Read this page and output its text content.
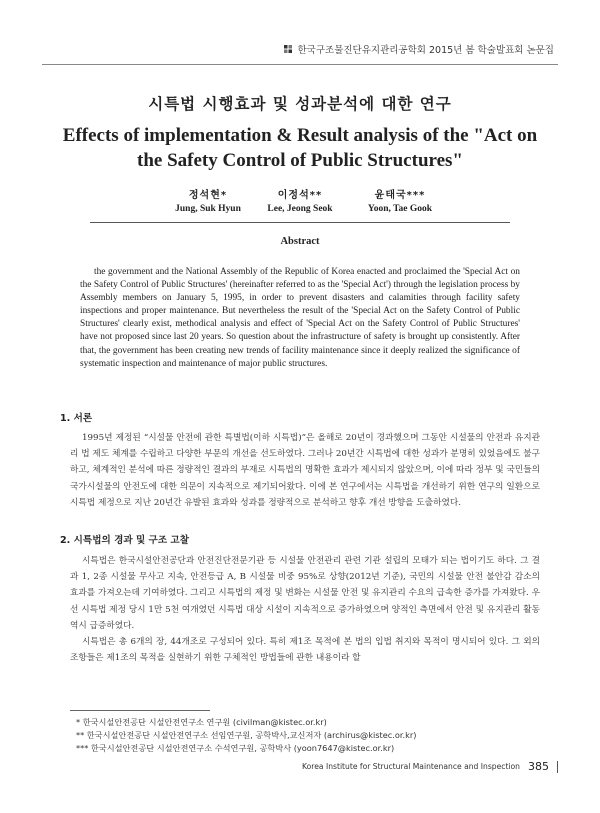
한국구조물진단유지관리공학회 2015년 봄 학술발표회 논문집
시특법 시행효과 및 성과분석에 대한 연구
Effects of implementation & Result analysis of the "Act on the Safety Control of Public Structures"
정석현*
Jung, Suk Hyun
이정석**
Lee, Jeong Seok
윤태국***
Yoon, Tae Gook
Abstract
the government and the National Assembly of the Republic of Korea enacted and proclaimed the 'Special Act on the Safety Control of Public Structures' (hereinafter referred to as the 'Special Act') through the legislation process by Assembly members on January 5, 1995, in order to prevent disasters and calamities through facility safety inspections and proper maintenance. But nevertheless the result of the 'Special Act on the Safety Control of Public Structures' clearly exist, methodical analysis and effect of 'Special Act on the Safety Control of Public Structures' have not proposed since last 20 years. So question about the infrastructure of safety is brought up consistently. After that, the government has been creating new trends of facility maintenance since it deeply realized the significance of systematic inspection and maintenance of major public structures.
1. 서론

1995년 제정된 “시설물 안전에 관한 특별법(이하 시특법)”은 올해로 20년이 경과했으며 그동안 시설물의 안전과 유지관리 법 제도 체계를 수립하고 다양한 부문의 개선을 선도하였다. 그러나 20년간 시특법에 대한 성과가 분명히 있었음에도 불구하고, 체계적인 분석에 따른 정량적인 결과의 부재로 시특법의 명확한 효과가 제시되지 않았으며, 이에 따라 정부 및 국민들의 국가시설물의 안전도에 대한 의문이 지속적으로 제기되어왔다. 이에 본 연구에서는 시특법을 개선하기 위한 연구의 일환으로 시특법 제정으로 지난 20년간 유발된 효과와 성과를 정량적으로 분석하고 향후 개선 방향을 도출하였다.

2. 시특법의 경과 및 구조 고찰

시특법은 한국시설안전공단과 안전진단전문기관 등 시설물 안전관리 관련 기관 설립의 모태가 되는 법이기도 하다. 그 결과 1, 2종 시설물 무사고 지속, 안전등급 A, B 시설물 비중 95%로 상향(2012년 기준), 국민의 시설물 안전 불안감 감소의 효과를 가져오는데 기여하였다. 그리고 시특법의 제정 및 변화는 시설물 안전 및 유지관리 수요의 급속한 증가를 가져왔다. 우선 시특법 제정 당시 1만 5천 여개였던 시특법 대상 시설이 지속적으로 증가하였으며 양적인 측면에서 안전 및 유지관리 활동 역시 급증하였다.

시특법은 총 6개의 장, 44개조로 구성되어 있다. 특히 제1조 목적에 본 법의 입법 취지와 목적이 명시되어 있다. 그 외의 조항들은 제1조의 목적을 실현하기 위한 구체적인 방법들에 관한 내용이라 할

* 한국시설안전공단 시설안전연구소 연구원 (civilman@kistec.or.kr)
** 한국시설안전공단 시설안전연구소 선임연구원, 공학박사,교신저자 (archirus@kistec.or.kr)
*** 한국시설안전공단 시설안전연구소 수석연구원, 공학박사 (yoon7647@kistec.or.kr)
Korea Institute for Structural Maintenance and Inspection 385
